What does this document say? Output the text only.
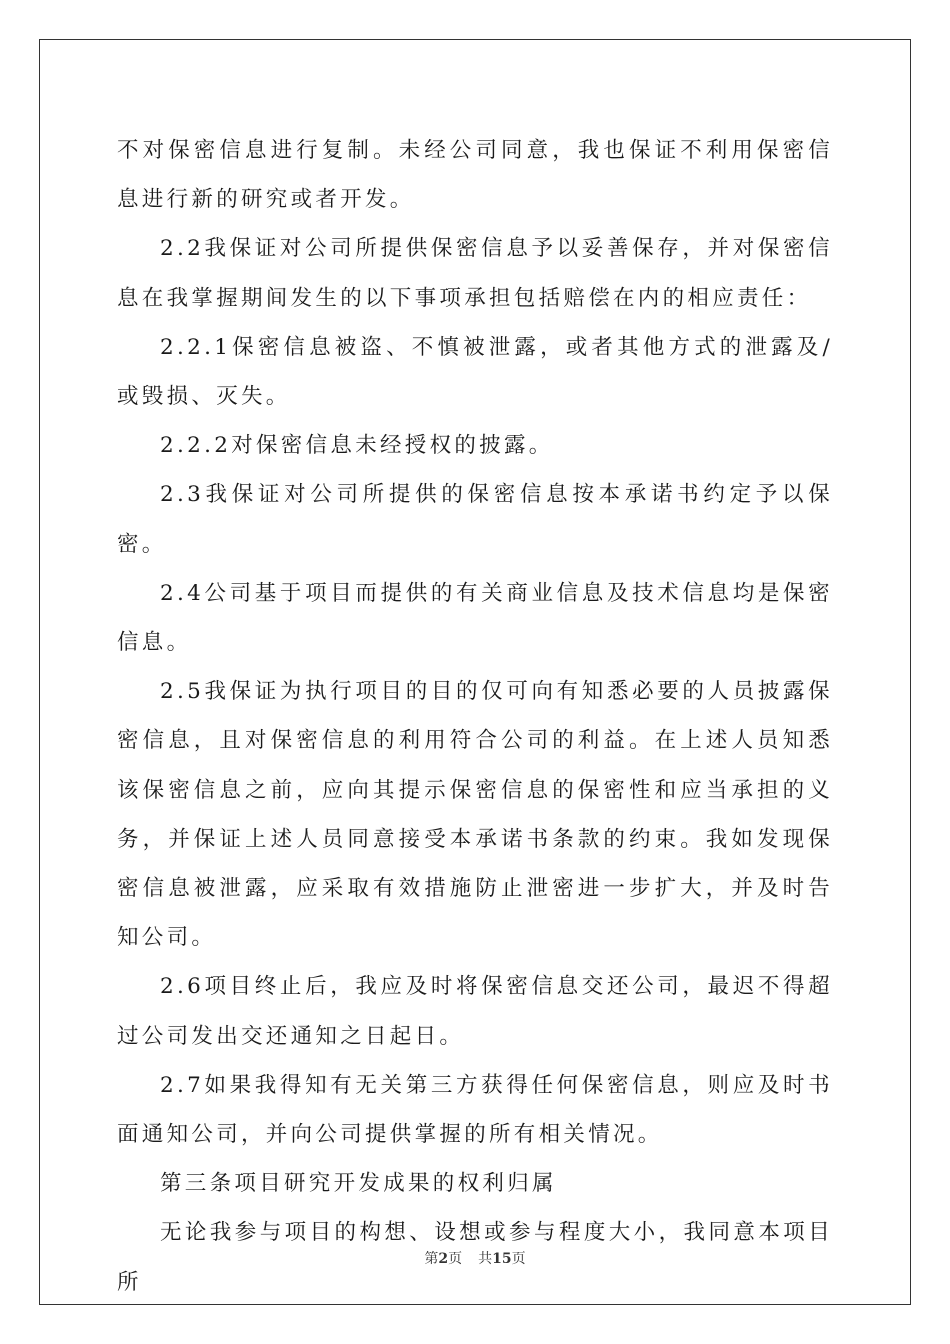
不对保密信息进行复制。未经公司同意，我也保证不利用保密信息进行新的研究或者开发。

2.2我保证对公司所提供保密信息予以妥善保存，并对保密信息在我掌握期间发生的以下事项承担包括赔偿在内的相应责任：

2.2.1保密信息被盗、不慎被泄露，或者其他方式的泄露及/或毁损、灭失。

2.2.2对保密信息未经授权的披露。

2.3我保证对公司所提供的保密信息按本承诺书约定予以保密。

2.4公司基于项目而提供的有关商业信息及技术信息均是保密信息。

2.5我保证为执行项目的目的仅可向有知悉必要的人员披露保密信息，且对保密信息的利用符合公司的利益。在上述人员知悉该保密信息之前，应向其提示保密信息的保密性和应当承担的义务，并保证上述人员同意接受本承诺书条款的约束。我如发现保密信息被泄露，应采取有效措施防止泄密进一步扩大，并及时告知公司。

2.6项目终止后，我应及时将保密信息交还公司，最迟不得超过公司发出交还通知之日起日。

2.7如果我得知有无关第三方获得任何保密信息，则应及时书面通知公司，并向公司提供掌握的所有相关情况。

第三条项目研究开发成果的权利归属

无论我参与项目的构想、设想或参与程度大小，我同意本项目所

第2页 共15页
